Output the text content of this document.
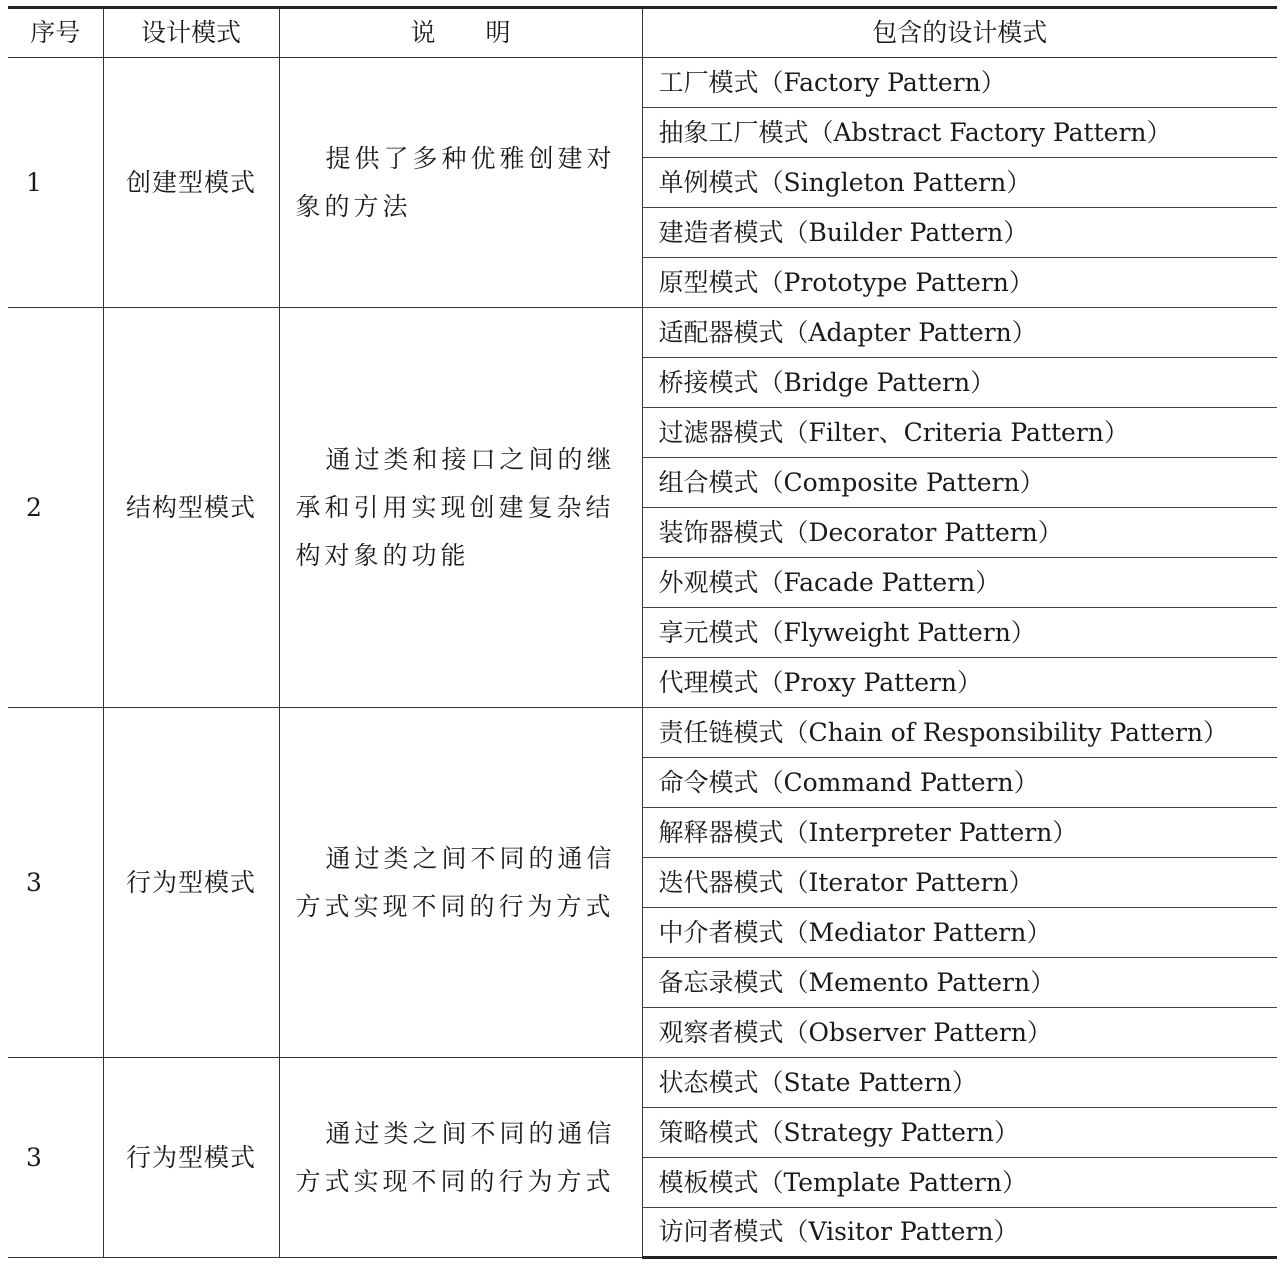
序号	设计模式	说　　明	包含的设计模式
1	创建型模式	提供了多种优雅创建对象的方法	工厂模式（Factory Pattern）
			抽象工厂模式（Abstract Factory Pattern）
			单例模式（Singleton Pattern）
			建造者模式（Builder Pattern）
			原型模式（Prototype Pattern）
2	结构型模式	通过类和接口之间的继承和引用实现创建复杂结构对象的功能	适配器模式（Adapter Pattern）
			桥接模式（Bridge Pattern）
			过滤器模式（Filter、Criteria Pattern）
			组合模式（Composite Pattern）
			装饰器模式（Decorator Pattern）
			外观模式（Facade Pattern）
			享元模式（Flyweight Pattern）
			代理模式（Proxy Pattern）
3	行为型模式	通过类之间不同的通信方式实现不同的行为方式	责任链模式（Chain of Responsibility Pattern）
			命令模式（Command Pattern）
			解释器模式（Interpreter Pattern）
			迭代器模式（Iterator Pattern）
			中介者模式（Mediator Pattern）
			备忘录模式（Memento Pattern）
			观察者模式（Observer Pattern）
3	行为型模式	通过类之间不同的通信方式实现不同的行为方式	状态模式（State Pattern）
			策略模式（Strategy Pattern）
			模板模式（Template Pattern）
			访问者模式（Visitor Pattern）
